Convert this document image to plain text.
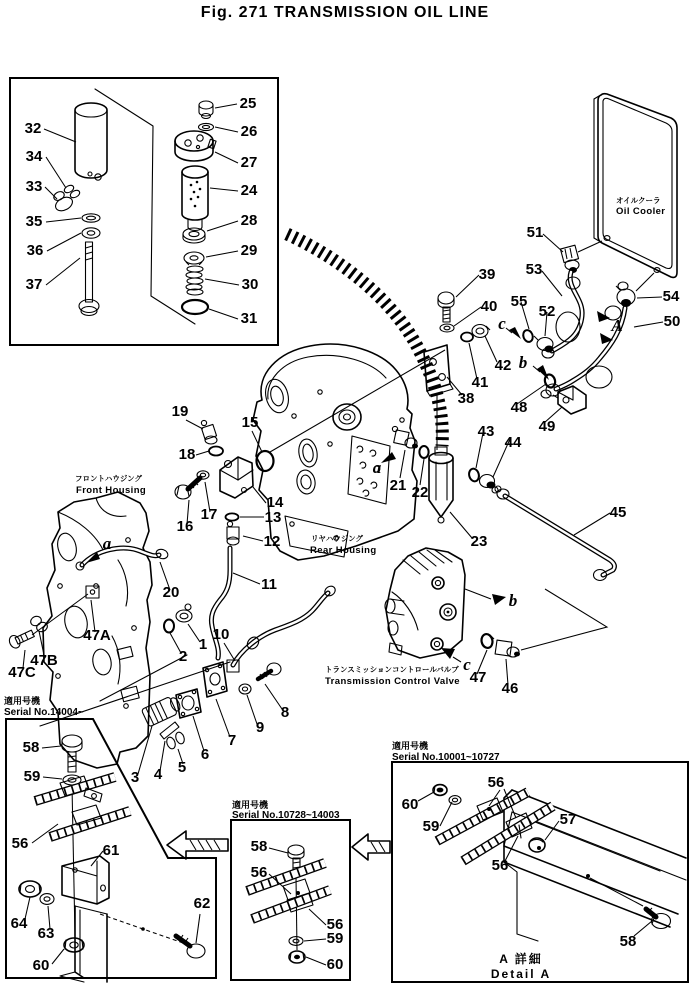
Fig. 271 TRANSMISSION OIL LINE
オイルクーラ
Oil Cooler
フロントハウジング
Front Housing
リヤハウジング
Rear Housing
トランスミッションコントロールバルブ
Transmission Control Valve
適用号機
Serial No.14004~
適用号機
Serial No.10728~14003
適用号機
Serial No.10001~10727
A 詳細
Detail A
32
34
33
35
36
37
25
26
27
24
28
29
30
31
19
18
15
16
17
14
13
12
11
20
47A
47B
47C
1
2
10
3 4 5
6
7
9
8
21 22
23
39
40
41
42
38
43
44
45
46
47
48
49
50
51
52
53
54
55
58
59
56	61
64
63
60
62
58
56
56
59
60
60
59
56
56
57
58
a
a
b
c
b
c
A
